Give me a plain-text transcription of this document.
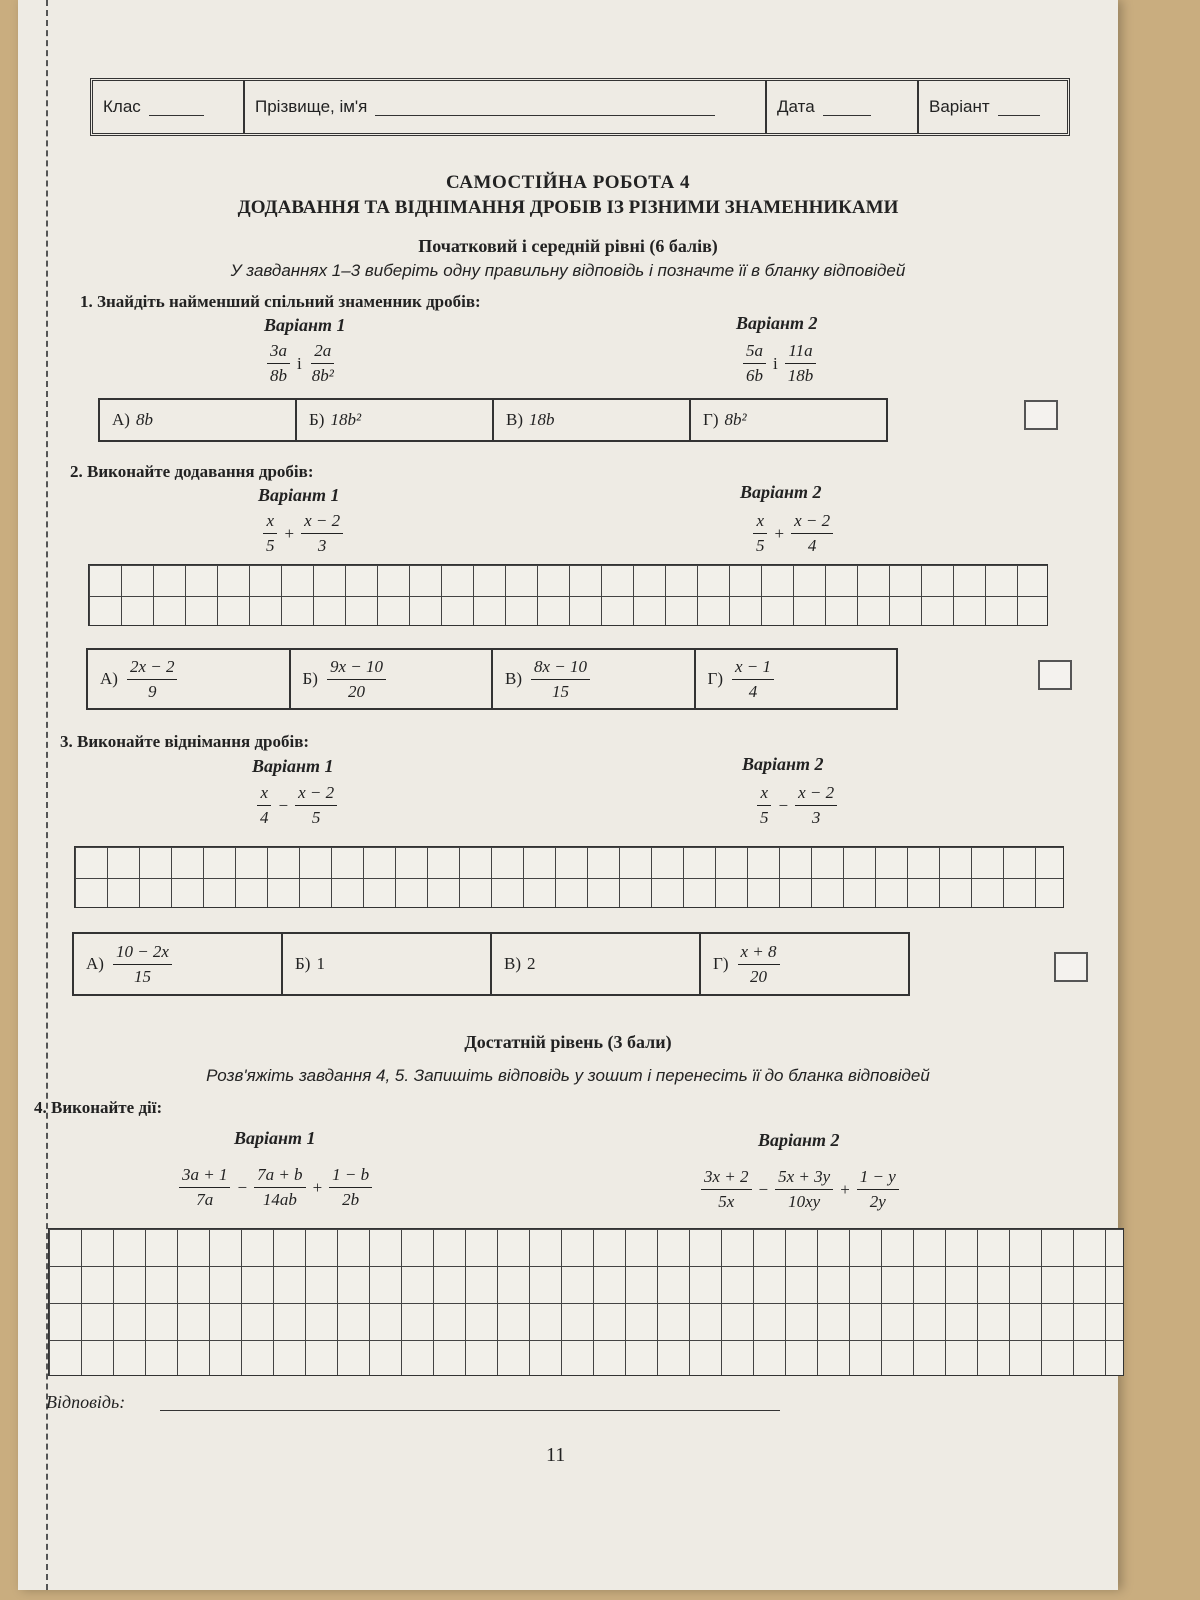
Клас	Прізвище, ім'я	Дата	Варіант
САМОСТІЙНА РОБОТА 4
ДОДАВАННЯ ТА ВІДНІМАННЯ ДРОБІВ ІЗ РІЗНИМИ ЗНАМЕННИКАМИ
Початковий і середній рівні (6 балів)
У завданнях 1–3 виберіть одну правильну відповідь і позначте її в бланку відповідей
1. Знайдіть найменший спільний знаменник дробів:
Варіант 1	Варіант 2
$\frac{3a}{8b}$ і $\frac{2a}{\text{8b²}}$	$\frac{5a}{6b}$ і $\frac{11a}{18b}$
А) 8b	Б) 18b²	В) 18b	Г) 8b²
2. Виконайте додавання дробів:
Варіант 1	Варіант 2
$\frac{x}{5} + \frac{x - 2}{3}$	$\frac{x}{5} + \frac{x - 2}{4}$
$А) \frac{2x - 2}{9}$	$Б) \frac{9x - 10}{20}$	$В) \frac{8x - 10}{15}$	$Г) \frac{x - 1}{4}$
3. Виконайте віднімання дробів:
Варіант 1	Варіант 2
$\frac{x}{4} - \frac{x - 2}{5}$	$\frac{x}{5} - \frac{x - 2}{3}$
$А) \frac{10 - 2x}{15}$	Б) 1	В) 2	$Г) \frac{x + 8}{20}$
Достатній рівень (3 бали)
Розв'яжіть завдання 4, 5. Запишіть відповідь у зошит і перенесіть її до бланка відповідей
4. Виконайте дії:
Варіант 1	Варіант 2
$\frac{3a + 1}{7a} - \frac{7a + b}{14ab} + \frac{1 - b}{2b}$	$\frac{3x + 2}{5x} - \frac{5x + 3y}{10xy} + \frac{1 - y}{2y}$
Відповідь:
11
